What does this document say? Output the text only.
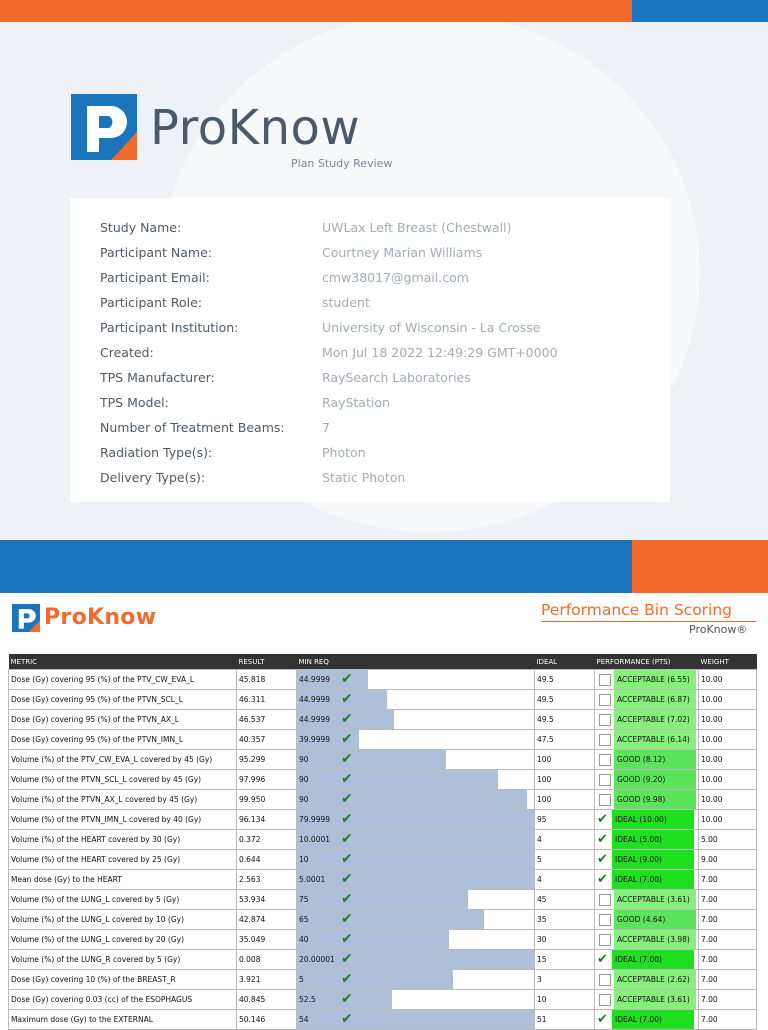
ProKnow
Plan Study Review
Study Name:	UWLax Left Breast (Chestwall)
Participant Name:	Courtney Marian Williams
Participant Email:	cmw38017@gmail.com
Participant Role:	student
Participant Institution:	University of Wisconsin - La Crosse
Created:	Mon Jul 18 2022 12:49:29 GMT+0000
TPS Manufacturer:	RaySearch Laboratories
TPS Model:	RayStation
Number of Treatment Beams:	7
Radiation Type(s):	Photon
Delivery Type(s):	Static Photon
ProKnow	Performance Bin Scoring
ProKnow®
METRIC	RESULT	MIN REQ	IDEAL	PERFORMANCE (PTS)	WEIGHT
Dose (Gy) covering 95 (%) of the PTV_CW_EVA_L	45.818	44.9999 ✔	49.5	ACCEPTABLE (6.55)	10.00
Dose (Gy) covering 95 (%) of the PTVN_SCL_L	46.311	44.9999 ✔	49.5	ACCEPTABLE (6.87)	10.00
Dose (Gy) covering 95 (%) of the PTVN_AX_L	46.537	44.9999 ✔	49.5	ACCEPTABLE (7.02)	10.00
Dose (Gy) covering 95 (%) of the PTVN_IMN_L	40.357	39.9999 ✔	47.5	ACCEPTABLE (6.14)	10.00
Volume (%) of the PTV_CW_EVA_L covered by 45 (Gy)	95.299	90 ✔	100	GOOD (8.12)	10.00
Volume (%) of the PTVN_SCL_L covered by 45 (Gy)	97.996	90 ✔	100	GOOD (9.20)	10.00
Volume (%) of the PTVN_AX_L covered by 45 (Gy)	99.950	90 ✔	100	GOOD (9.98)	10.00
Volume (%) of the PTVN_IMN_L covered by 40 (Gy)	96.134	79.9999 ✔	95	✔ IDEAL (10.00)	10.00
Volume (%) of the HEART covered by 30 (Gy)	0.372	10.0001 ✔	4	✔ IDEAL (5.00)	5.00
Volume (%) of the HEART covered by 25 (Gy)	0.644	10 ✔	5	✔ IDEAL (9.00)	9.00
Mean dose (Gy) to the HEART	2.563	5.0001 ✔	4	✔ IDEAL (7.00)	7.00
Volume (%) of the LUNG_L covered by 5 (Gy)	53.934	75 ✔	45	ACCEPTABLE (3.61)	7.00
Volume (%) of the LUNG_L covered by 10 (Gy)	42.874	65 ✔	35	GOOD (4.64)	7.00
Volume (%) of the LUNG_L covered by 20 (Gy)	35.049	40 ✔	30	ACCEPTABLE (3.98)	7.00
Volume (%) of the LUNG_R covered by 5 (Gy)	0.008	20.00001 ✔	15	✔ IDEAL (7.00)	7.00
Dose (Gy) covering 10 (%) of the BREAST_R	3.921	5 ✔	3	ACCEPTABLE (2.62)	7.00
Dose (Gy) covering 0.03 (cc) of the ESOPHAGUS	40.845	52.5 ✔	10	ACCEPTABLE (3.61)	7.00
Maximum dose (Gy) to the EXTERNAL	50.146	54 ✔	51	✔ IDEAL (7.00)	7.00
